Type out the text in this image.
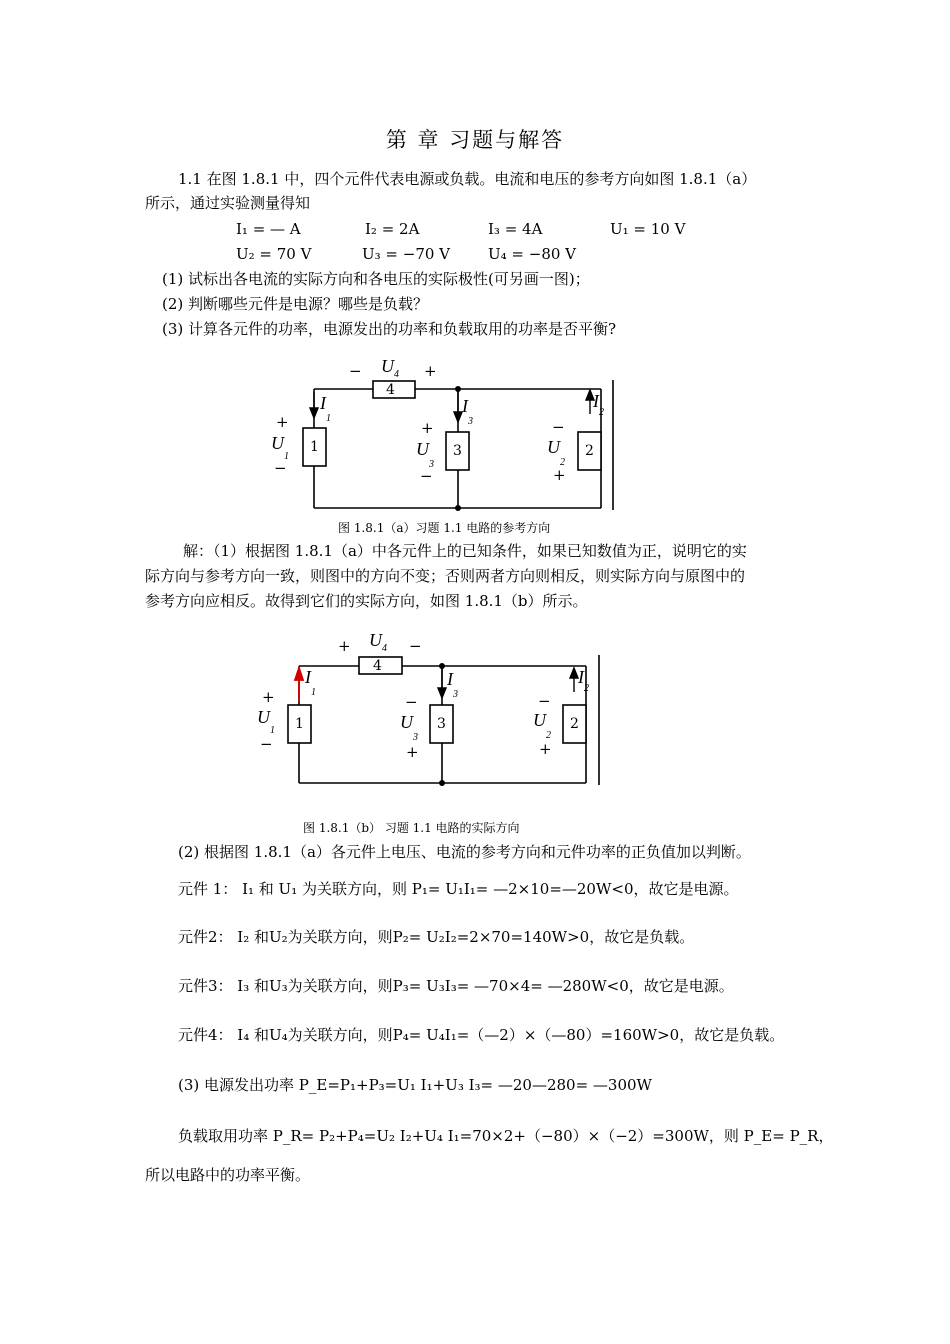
第 章 习题与解答
1.1 在图 1.8.1 中，四个元件代表电源或负载。电流和电压的参考方向如图 1.8.1（a）
所示，通过实验测量得知
I₁ = — A	I₂ = 2A	I₃ = 4A	U₁ = 10 V
U₂ = 70 V	U₃ = −70 V	U₄ = −80 V
(1) 试标出各电流的实际方向和各电压的实际极性(可另画一图)；
(2) 判断哪些元件是电源？哪些是负载？
(3) 计算各元件的功率，电源发出的功率和负载取用的功率是否平衡?
4
1	3	2
$U_4$
−	+
$I_1$
$I_3$
$I_2$
+
$U_1$
−
+
$U_3$
−
−
$U_2$
+
图 1.8.1（a）习题 1.1 电路的参考方向
解：（1）根据图 1.8.1（a）中各元件上的已知条件，如果已知数值为正，说明它的实
际方向与参考方向一致，则图中的方向不变；否则两者方向则相反，则实际方向与原图中的
参考方向应相反。故得到它们的实际方向，如图 1.8.1（b）所示。
4
1	3	2
$U_4$
+	−
$I_1$
$I_3$
$I_2$
+
$U_1$
−
−
$U_3$
+
−
$U_2$
+
图 1.8.1（b） 习题 1.1 电路的实际方向
(2) 根据图 1.8.1（a）各元件上电压、电流的参考方向和元件功率的正负值加以判断。
元件 1： I₁ 和 U₁ 为关联方向，则 P₁= U₁I₁= —2×10=—20W<0，故它是电源。
元件2： I₂ 和U₂为关联方向，则P₂= U₂I₂=2×70=140W>0，故它是负载。
元件3： I₃ 和U₃为关联方向，则P₃= U₃I₃= —70×4= —280W<0，故它是电源。
元件4： I₄ 和U₄为关联方向，则P₄= U₄I₁=（—2）×（—80）=160W>0，故它是负载。
(3) 电源发出功率 P_E=P₁+P₃=U₁ I₁+U₃ I₃= —20—280= —300W
负载取用功率 P_R= P₂+P₄=U₂ I₂+U₄ I₁=70×2+（−80）×（−2）=300W，则 P_E= P_R，
所以电路中的功率平衡。
